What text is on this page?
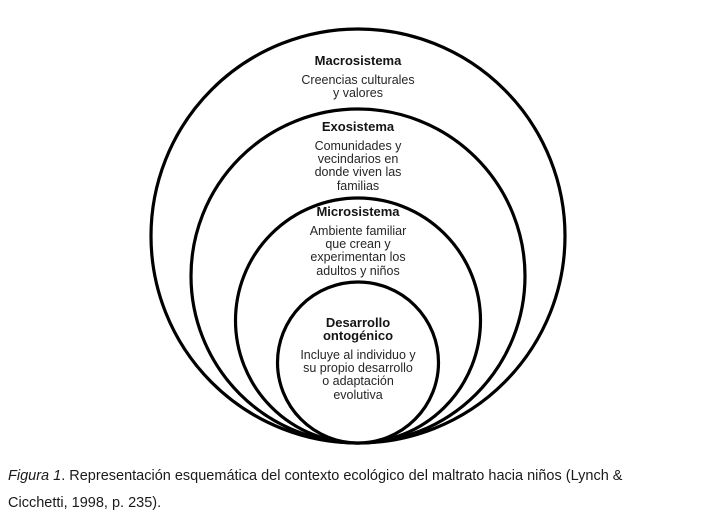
Macrosistema
Creencias culturales
y valores
Exosistema
Comunidades y
vecindarios en
donde viven las
familias
Microsistema
Ambiente familiar
que crean y
experimentan los
adultos y niños
Desarrollo
ontogénico
Incluye al individuo y
su propio desarrollo
o adaptación
evolutiva
Figura 1. Representación esquemática del contexto ecológico del maltrato hacia niños (Lynch &
Cicchetti, 1998, p. 235).
